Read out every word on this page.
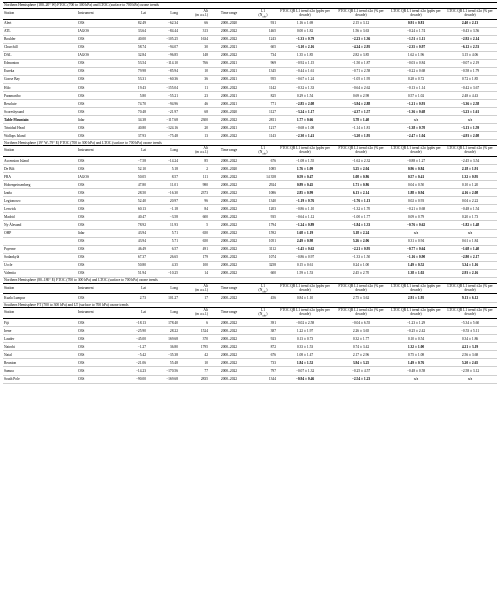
Northern Hemisphere (180–20° W) FTOC (700 to 300 hPa) and LTOC (surface to 700 hPa) ozone trends										
Station	Instrument	Lat	Long	Alt
(m a.s.l.)	Time range	L1
$(N_{obs})$	FTOC QR L1 trend ±2σ (ppbv per decade)	FTOC QR L1 trend ±2σ (% per decade)	LTOC QR L1 trend ±2σ (ppbv per decade)	LTOC QR L1 trend ±2σ (% per decade)
Alert	O3S	82.49	−62.34	66	2000–2020	931	1.16 ± 1.69	2.15 ± 3.12	0.91 ± 0.81	2.40 ± 2.13
ATL	IAGOS	33.64	−84.44	313	2000–2022	1465	0.00 ± 1.82	1.56 ± 3.63	−0.24 ± 1.74	−0.43 ± 3.56
Boulder	O3S	40.00	−105.25	1634	2000–2022	1243	−1.33 ± 0.79	−2.23 ± 1.36	−1.51 ± 1.11	−2.92 ± 2.14
Churchill	O3S	58.74	−94.07	30	2000–2021	605	−3.10 ± 2.16	−4.24 ± 2.95	−2.35 ± 0.97	−6.12 ± 2.53
DAL	IAGOS	32.84	−96.85	148	2000–2022	734	1.35 ± 1.85	2.82 ± 3.85	1.62 ± 1.96	3.15 ± 4.06
Edmonton	O3S	53.54	−114.10	766	2000–2021	969	−0.92 ± 1.15	−1.50 ± 1.87	−0.03 ± 0.84	−0.07 ± 2.19
Eureka	O3S	79.98	−85.94	10	2000–2021	1345	−0.44 ± 1.61	−0.71 ± 2.58	−0.22 ± 0.68	−0.58 ± 1.79
Goose Bay	O3S	53.31	−60.36	36	2000–2021	955	−0.67 ± 1.24	−1.05 ± 1.95	0.28 ± 0.72	0.72 ± 1.85
Hilo	O3S	19.43	−155.04	11	2000–2022	1142	−0.32 ± 1.33	−0.64 ± 2.62	−0.13 ± 1.14	−0.42 ± 3.67
Paramaribo	O3S	5.80	−55.21	23	2000–2021	825	0.29 ± 1.54	0.69 ± 2.98	0.57 ± 1.02	2.48 ± 4.43
Resolute	O3S	74.70	−94.96	46	2000–2021	771	−2.85 ± 2.08	−3.94 ± 2.88	−1.21 ± 0.93	−3.36 ± 2.58
Scoresbysund	O3S	70.48	−21.97	68	2000–2020	1127	−3.24 ± 1.17	−4.37 ± 1.57	−1.36 ± 0.68	−3.23 ± 1.61
Table Mountain	lidar	34.38	−117.68	2300	2000–2022	2811	1.77 ± 0.66	3.78 ± 1.40	n/a	n/a
Trinidad Head	O3S	40.80	−124.16	20	2000–2021	1217	−0.68 ± 1.08	−1.14 ± 1.81	−1.38 ± 0.70	−3.13 ± 1.59
Wallops Island	O3S	37.93	−75.48	13	2000–2022	1143	−2.30 ± 1.41	−3.20 ± 1.95	−2.47 ± 1.04	−4.93 ± 2.08
Northern Hemisphere (19° W–79° E) FTOC (700 to 300 hPa) and LTOC (surface to 700 hPa) ozone trends										
Station	Instrument	Lat	Long	Alt
(m a.s.l.)	Time range	L1
$(N_{obs})$	FTOC QR L1 trend ±2σ (ppbv per decade)	FTOC QR L1 trend ±2σ (% per decade)	LTOC QR L1 trend ±2σ (ppbv per decade)	LTOC QR L1 trend ±2σ (% per decade)
Ascension Island	O3S	−7.58	−14.24	85	2000–2022	676	−1.08 ± 1.55	−1.62 ± 2.32	−0.88 ± 1.27	−2.45 ± 3.54
De Bilt	O3S	52.10	5.18	2	2000–2020	1085	1.76 ± 1.09	3.25 ± 2.04	0.96 ± 0.84	2.18 ± 1.91
FRA	IAGOS	50.05	8.57	111	2000–2022	14 358	0.59 ± 0.47	1.08 ± 0.86	0.57 ± 0.41	1.32 ± 0.95
Hohenpeissenberg	O3S	47.80	11.01	980	2000–2022	2924	0.89 ± 0.45	1.71 ± 0.86	0.04 ± 0.50	0.10 ± 1.20
Izaña	O3S	28.50	−16.30	2373	2000–2022	1086	2.85 ± 0.99	6.13 ± 2.14	1.88 ± 0.94	4.16 ± 2.08
Legionowo	O3S	52.40	20.97	96	2000–2022	1340	−1.19 ± 0.76	−1.76 ± 1.13	0.02 ± 0.93	0.04 ± 2.22
Lerwick	O3S	60.13	−1.18	84	2000–2022	1203	−0.86 ± 1.10	−1.32 ± 1.70	−0.21 ± 0.68	−0.48 ± 1.54
Madrid	O3S	40.47	−3.58	600	2000–2022	935	−0.64 ± 1.12	−1.00 ± 1.77	0.09 ± 0.79	0.20 ± 1.73
Ny Ålesund	O3S	78.92	11.93	5	2000–2022	1794	−1.24 ± 0.89	−1.84 ± 1.33	−0.76 ± 0.62	−1.82 ± 1.48
OHP	lidar	43.94	5.71	650	2000–2022	1592	1.68 ± 1.19	3.18 ± 2.24	n/a	n/a
	O3S	43.94	5.71	650	2000–2022	1051	2.49 ± 0.98	5.26 ± 2.06	0.31 ± 0.94	0.61 ± 1.84
Payerne	O3S	46.49	6.57	491	2000–2022	3112	−1.45 ± 0.62	−2.21 ± 0.95	−0.77 ± 0.64	−1.68 ± 1.40
Sodankylä	O3S	67.37	26.65	179	2000–2022	1074	−0.86 ± 0.97	−1.33 ± 1.50	−1.16 ± 0.90	−2.80 ± 2.17
Uccle	O3S	50.80	4.35	100	2000–2022	3258	0.15 ± 0.61	0.24 ± 1.00	1.49 ± 0.52	3.34 ± 1.16
Valentia	O3S	51.94	−10.25	14	2000–2022	600	1.59 ± 1.53	2.45 ± 2.70	1.38 ± 1.02	2.93 ± 2.16
Northern Hemisphere (80–180° E) FTOC (700 to 300 hPa) and LTOC (surface to 700 hPa) ozone trends										
Station	Instrument	Lat	Long	Alt
(m a.s.l.)	Time range	L1
$(N_{obs})$	FTOC QR L1 trend ±2σ (ppbv per decade)	FTOC QR L1 trend ±2σ (% per decade)	LTOC QR L1 trend ±2σ (ppbv per decade)	LTOC QR L1 trend ±2σ (% per decade)
Kuala Lumpur	O3S	2.73	101.27	17	2000–2022	456	0.84 ± 1.10	2.75 ± 3.62	2.91 ± 1.95	9.13 ± 6.12
Southern Hemisphere FT (700 to 300 hPa) and LT (surface to 700 hPa) ozone trends										
Station	Instrument	Lat	Long	Alt
(m a.s.l.)	Time range	L1
$(N_{obs})$	FTOC QR L1 trend ±2σ (ppbv per decade)	FTOC QR L1 trend ±2σ (% per decade)	LTOC QR L1 trend ±2σ (ppbv per decade)	LTOC QR L1 trend ±2σ (% per decade)
Fiji	O3S	−18.13	178.40	6	2000–2022	391	−0.02 ± 2.58	−0.04 ± 6.55	−1.23 ± 1.29	−5.34 ± 5.60
Irene	O3S	−25.90	28.22	1524	2000–2022	387	1.22 ± 1.97	2.26 ± 3.65	−0.25 ± 2.42	−0.53 ± 5.11
Lauder	O3S	−45.00	169.68	370	2000–2022	923	0.13 ± 0.73	0.32 ± 1.77	0.10 ± 0.54	0.34 ± 1.86
Nairobi	O3S	−1.27	36.80	1795	2000–2022	872	0.33 ± 1.53	0.74 ± 3.42	1.32 ± 1.00	4.21 ± 3.19
Natal	O3S	−5.42	−35.38	42	2000–2022	676	1.08 ± 1.47	2.17 ± 2.96	0.75 ± 1.08	2.56 ± 3.68
Reunion	O3S	−21.06	55.48	10	2000–2022	733	1.84 ± 1.52	3.94 ± 3.25	1.49 ± 0.76	5.20 ± 2.65
Samoa	O3S	−14.23	−170.56	77	2000–2022	797	−0.07 ± 1.32	−0.25 ± 4.57	−0.48 ± 0.58	−2.58 ± 3.12
South Pole	O3S	−90.00	−169.68	2835	2000–2022	1344	−0.94 ± 0.46	−2.54 ± 1.23	n/a	n/a
